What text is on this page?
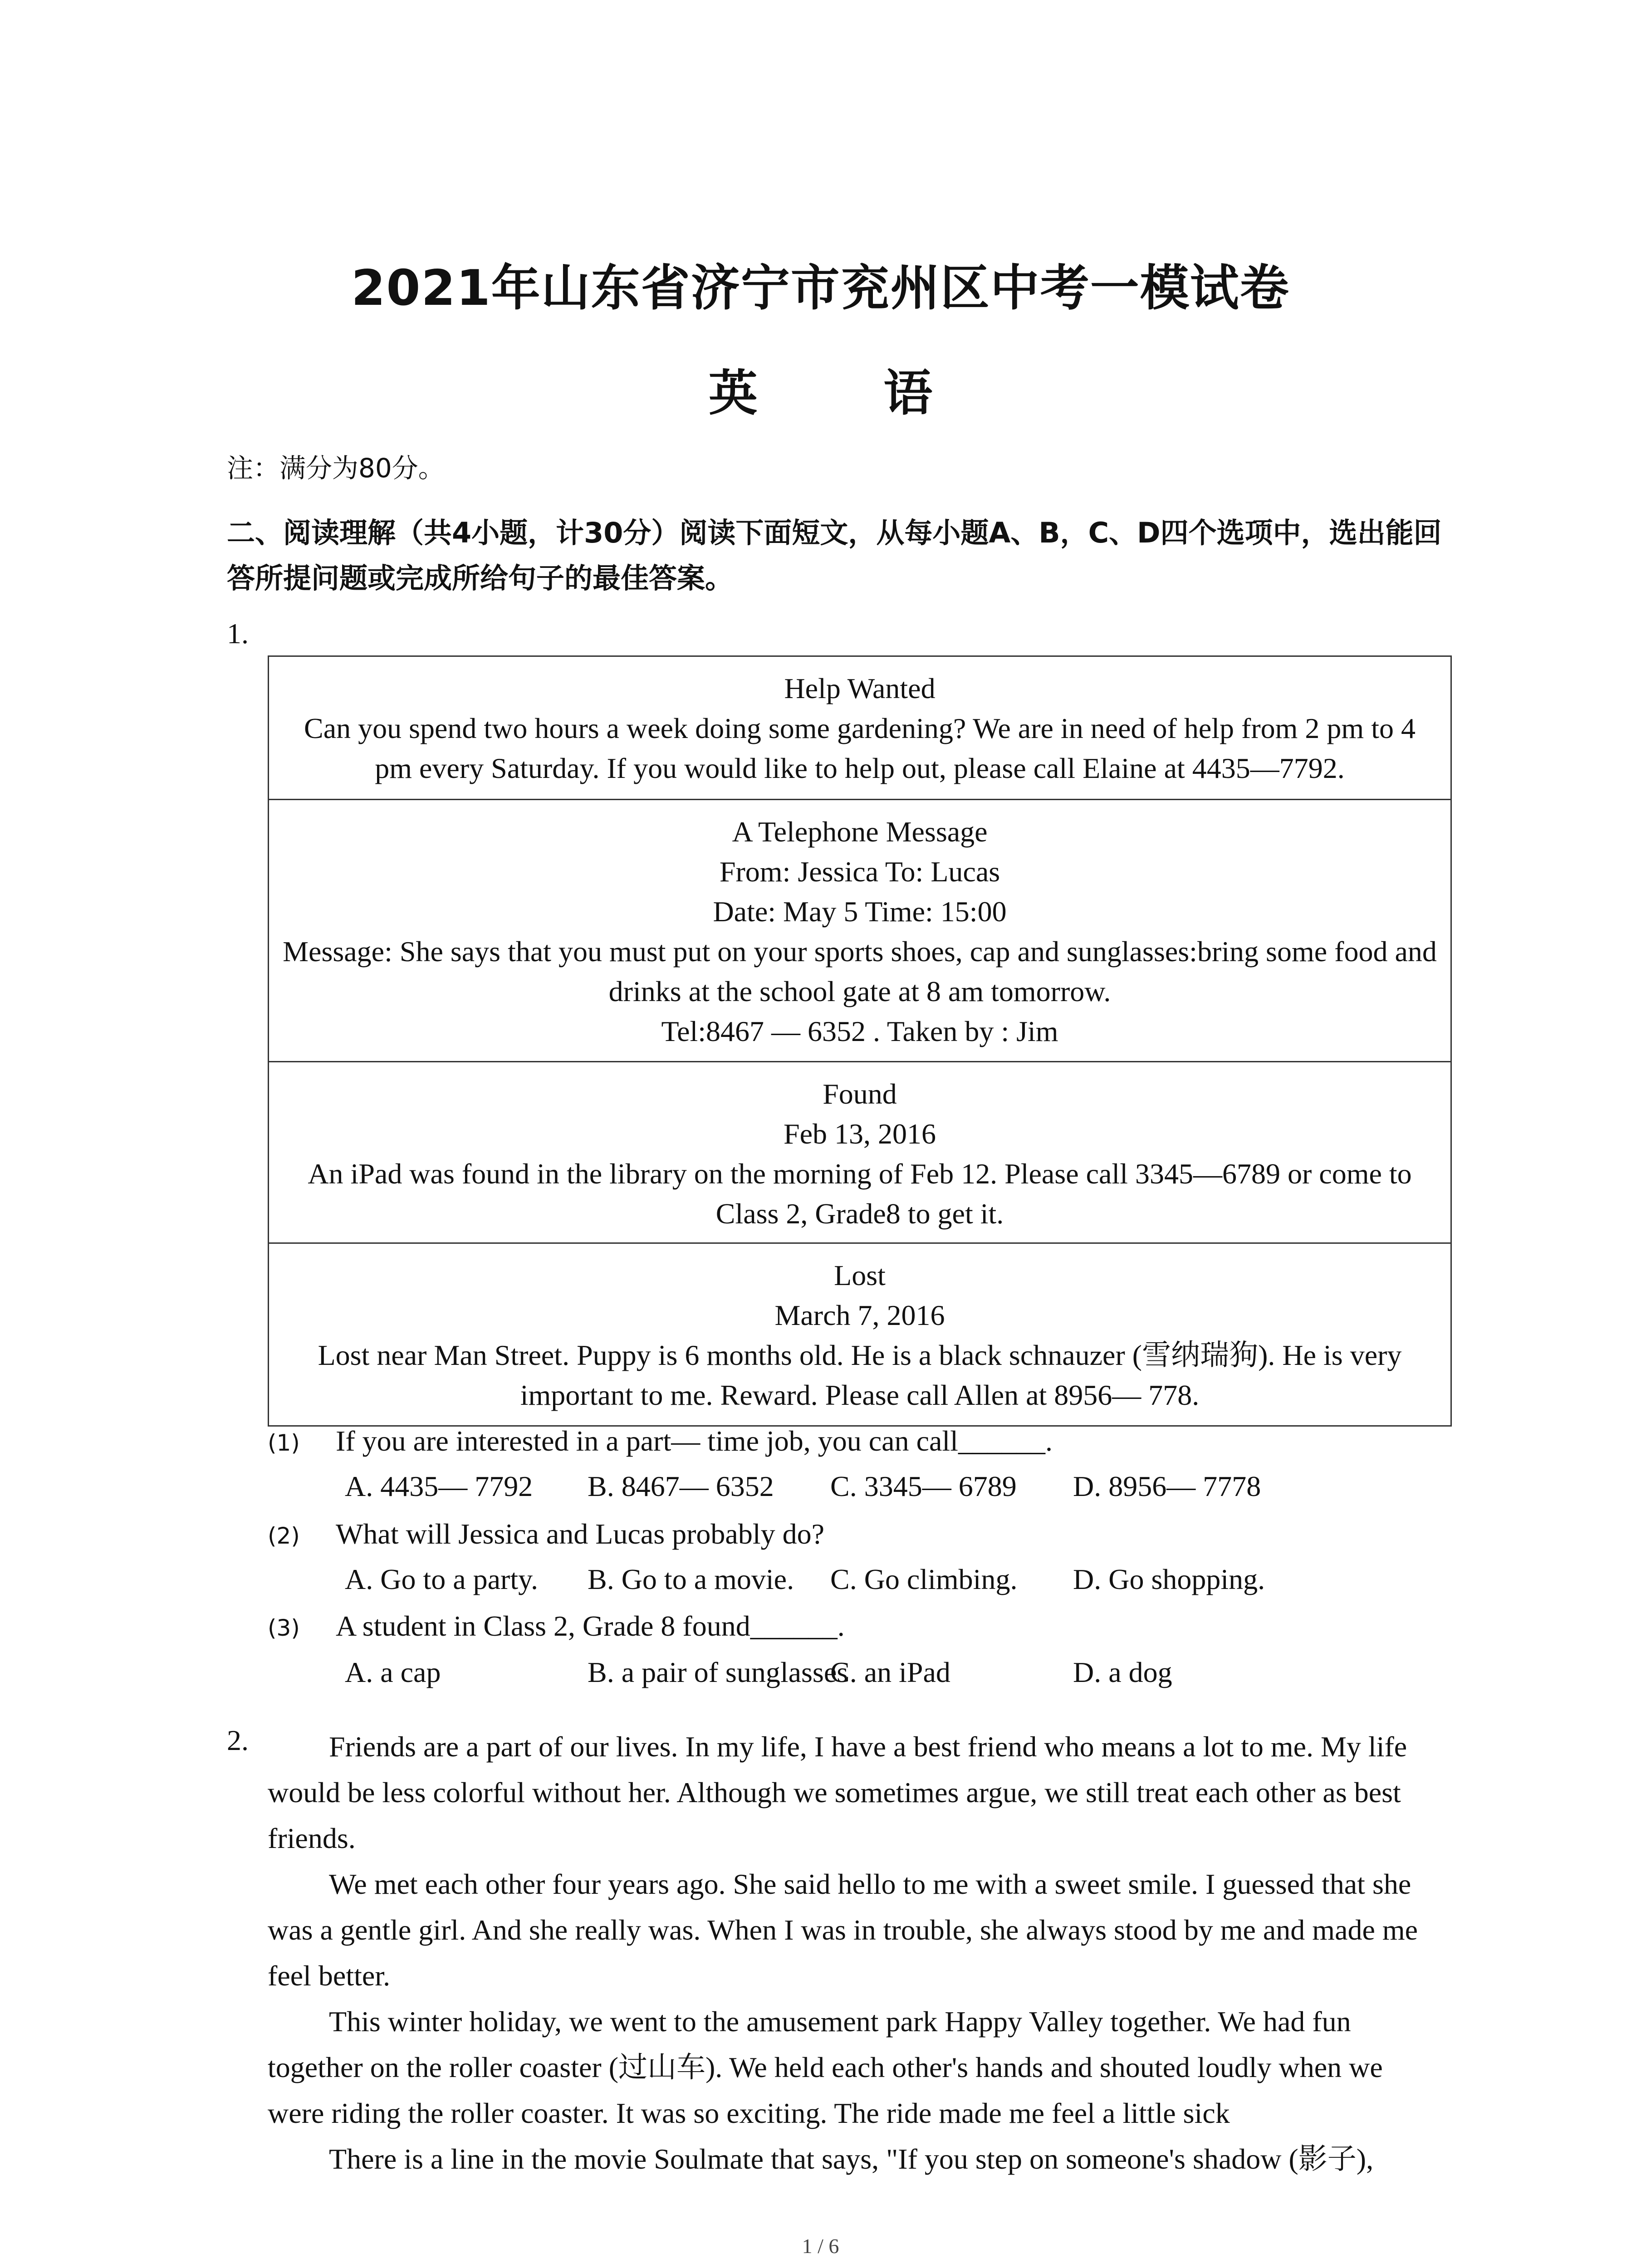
2021年山东省济宁市兖州区中考一模试卷
英 语
注：满分为80分。
二、阅读理解（共4小题，计30分）阅读下面短文，从每小题A、B，C、D四个选项中，选出能回答所提问题或完成所给句子的最佳答案。
1.
Help Wanted
Can you spend two hours a week doing some gardening? We are in need of help from 2 pm to 4 pm every Saturday. If you would like to help out, please call Elaine at 4435—7792.
A Telephone Message
From: Jessica To: Lucas
Date: May 5 Time: 15:00
Message: She says that you must put on your sports shoes, cap and sunglasses:bring some food and drinks at the school gate at 8 am tomorrow.
Tel:8467 — 6352 . Taken by : Jim
Found
Feb 13, 2016
An iPad was found in the library on the morning of Feb 12. Please call 3345—6789 or come to Class 2, Grade8 to get it.
Lost
March 7, 2016
Lost near Man Street. Puppy is 6 months old. He is a black schnauzer (雪纳瑞狗). He is very important to me. Reward. Please call Allen at 8956— 778.
(1) If you are interested in a part— time job, you can call______.
A. 4435— 7792 B. 8467— 6352 C. 3345— 6789 D. 8956— 7778
(2) What will Jessica and Lucas probably do?
A. Go to a party. B. Go to a movie. C. Go climbing. D. Go shopping.
(3) A student in Class 2, Grade 8 found______.
A. a cap	B. a pair of sunglasses
C. an iPad	D. a dog
2.	Friends are a part of our lives. In my life, I have a best friend who means a lot to me. My life would be less colorful without her. Although we sometimes argue, we still treat each other as best friends.

We met each other four years ago. She said hello to me with a sweet smile. I guessed that she was a gentle girl. And she really was. When I was in trouble, she always stood by me and made me feel better.

This winter holiday, we went to the amusement park Happy Valley together. We had fun together on the roller coaster (过山车). We held each other's hands and shouted loudly when we were riding the roller coaster. It was so exciting. The ride made me feel a little sick

There is a line in the movie Soulmate that says, "If you step on someone's shadow (影子),

1 / 6
